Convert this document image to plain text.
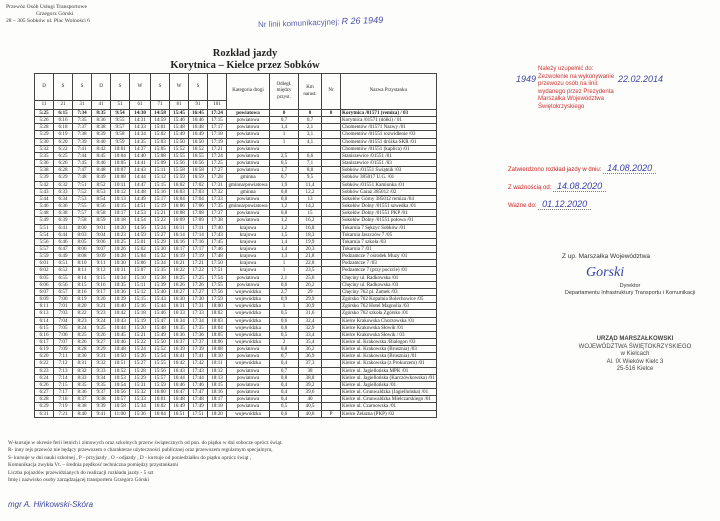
Przewóz Osób Usługi Transportowe
Grzegorz Górski
28 – 305 Sobków ul. Plac Wolności 6	Nr linii komunikacyjnej: R 26 1949
Rozkład jazdy
Korytnica – Kielce przez Sobków
D	S	S	D	S	W	S	W	S		Kategoria drogi	Odległ. między przyst.	Km narast.	Nr	Nazwa Przystanku
11	21	31	41	51	61	71	81	91	101					
5:25	6:15	7:34	8:35	9:54	14:30	14:58	15:45	16:45	17:24	powiatowa	0	0	0	Korytnica /01571 (remiza) / 03
5:26	6:16	7:35	8:36	9:55	14:31	14:59	15:46	16:46	17:15	powiatowa	0,7	0,7		Korytnica /01571 (dółki) / 01
5:28	6:18	7:37	8:38	9:57	14:33	15:01	15:48	16:48	17:17	powiatowa	1,4	2,1		Chomentów /01571 Nazwy /01
5:29	6:19	7:38	8:39	9:58	14:34	15:02	15:49	16:49	17:18	powiatowa	1	3,1		Chomentów /01551 rozwidlenie /03
5:30	6:20	7:39	8:40	9:59	14:35	15:03	15:50	16:50	17:19	powiatowa	1	4,1		Chomentów /01551 dróżka SKR /01
5:32	6:22	7:41	8:42	10:01	14:37	15:05	15:52	16:52	17:21	powiatowa				Chomentów /01551 (kaplica) /01
5:35	6:25	7:44	8:45	10:04	14:40	15:08	15:55	16:55	17:24	powiatowa	2,5	6,6		Staniszewice /01551 /01
5:36	6:26	7:45	8:46	10:05	14:41	15:09	15:56	16:56	17:25	powiatowa	0,5	7,1		Staniszewice /01551 /03
5:38	6:28	7:47	8:48	10:07	14:43	15:11	15:58	16:58	17:27	powiatowa	1,7	8,8		Sobków /01551 Świątnik /03
5:39	6:29	7:48	8:49	10:08	14:44	15:12	15:59	16:59	17:28	gminna	0,7	9,5		Sobków 385017 U.G. /01
5:42	6:32	7:51	8:52	10:11	14:47	15:15	16:02	17:02	17:31	gminna/powiatowa	1,9	11,4		Sobków /01551 Kamionka /01
5:43	6:33	7:52	8:53	10:12	14:48	15:16	16:03	17:03	17:32	gminna	0,8	12,2		Sobków Garaż 385012 /02
5:44	6:34	7:53	8:54	10:13	14:49	15:17	16:04	17:04	17:33	powiatowa	0,8	13		Sokołów Górny 385012 remiza /04
5:46	6:36	7:55	8:56	10:15	14:51	15:19	16:06	17:06	17:35	gminna/powiatowa	1,2	14,2		Sokołów Dolny /01551 szwedka /01
5:48	6:38	7:57	8:58	10:17	14:53	15:21	16:08	17:08	17:37	powiatowa	0,8	15		Sokołów Dolny /01551 PKP /01
5:49	6:39	7:58	8:59	10:18	14:54	15:22	16:09	17:09	17:38	powiatowa	1,2	16,2		Sokołów Dolny /01551 połowa /01
5:51	6:41	8:00	9:01	10:20	14:56	15:24	16:11	17:11	17:40	krajowa	1,2	16,8		Tokarnia 7 Sękzyc Sobków /01
5:54	6:44	8:03	9:04	10:23	14:59	15:27	16:14	17:14	17:43	krajowa	1,5	18,3		Tokarnia Jaszczów 7 /05
5:56	6:46	8:05	9:06	10:25	15:01	15:29	16:16	17:16	17:45	krajowa	1,4	19,9		Tokarnia 7 szkoła /03
5:57	6:47	8:06	9:07	10:26	15:02	15:30	16:17	17:17	17:46	krajowa	1,4	20,3		Tokarnia 7 /01
5:59	6:49	8:08	9:09	10:28	15:04	15:32	16:19	17:19	17:48	krajowa	1,3	21,8		Podzamcze 7 ośrodek Muzy /01
6:01	6:51	8:10	9:11	10:30	15:06	15:34	16:21	17:21	17:50	krajowa	1	22,8		Podzamcze 7 /03
6:02	6:52	8:11	9:12	10:31	15:07	15:35	16:22	17:22	17:51	krajowa	1	23,5		Podzamcze 7 (przy poczcie) /01
6:05	6:55	8:14	9:15	10:34	15:10	15:38	16:25	17:25	17:54	powiatowa	2,1	25,6		Chęciny ul. Radkowska /01
6:06	6:56	8:15	9:16	10:35	15:11	15:39	16:26	17:26	17:55	powiatowa	0,6	26,2		Chęciny ul. Radkowska /03
6:07	6:57	8:16	9:17	10:36	15:12	15:40	16:27	17:27	17:56	wojewódzka	2,7	29		Chęciny 762 pl. Zamek /03
6:09	7:00	8:19	9:20	10:39	15:15	15:43	16:30	17:30	17:59	wojewódzka	0,9	29,9		Zgórsko 762 Kopalnia Bolechowice /05
6:11	7:01	8:20	9:21	10:40	15:16	15:44	16:31	17:31	18:00	wojewódzka	1	30,9		Zgórsko 762 Hotel Magnolia /03
6:13	7:03	8:22	9:23	10:42	15:18	15:46	16:33	17:33	18:02	wojewódzka	0,5	31,6		Zgórsko 762 szkoła Zgórsko /01
6:14	7:04	8:23	9:24	10:43	15:19	15:47	16:34	17:34	18:03	wojewódzka	0,6	32,4		Kielce Krakowska Chorzowska /01
6:15	7:05	8:24	9:25	10:44	15:20	15:48	16:35	17:35	18:04	wojewódzka	0,8	32,9		Kielce Krakowska Słowik /01
6:16	7:06	8:25	9:26	10:45	15:21	15:49	16:36	17:36	18:05	wojewódzka	0,5	33,4		Kielce Krakowska Słowik / 03
6:17	7:07	8:26	9:27	10:46	15:22	15:50	16:37	17:37	18:06	wojewódzka	2	35,4		Kielce ul. Krakowska /Bialogon /03
6:19	7:09	8:28	9:29	10:48	15:24	15:52	16:39	17:39	18:08	powiatowa	0,8	36,2		Kielce ul. Krakowska (Brusznia) /03
6:20	7:11	8:30	9:31	10:50	15:26	15:54	16:41	17:41	18:10	powiatowa	0,7	36,9		Kielce ul. Krakowska (Brusznia) /01
6:22	7:12	8:31	9:32	10:51	15:27	15:55	16:42	17:42	18:11	wojewódzka	0,4	37,3		Kielce ul. Krakowska (z Prokurzem) /01
6:23	7:13	8:32	9:33	10:52	15:28	15:56	16:43	17:43	18:12	powiatowa	0,7	38		Kielce ul. Jagiellońska MPK /01
6:24	7:14	8:33	9:34	10:53	15:29	15:57	16:44	17:44	18:13	powiatowa	0,8	38,8		Kielce ul. Jagiellońska (Karczówkowska) /01
6:26	7:15	8:35	9:35	10:54	15:31	15:59	16:46	17:46	18:15	powiatowa	0,4	39,2		Kielce ul. Jagiellońska /01
6:27	7:17	8:36	9:37	10:56	15:32	16:00	16:47	17:47	18:16	powiatowa	0,4	39,6		Kielce ul. Grunwaldzka (Jagiellońska) /01
6:28	7:18	8:37	9:38	10:57	15:33	16:01	16:48	17:48	18:17	powiatowa	0,4	40		Kielce ul. Grunwaldzka Mielczarskiego /01
6:29	7:19	8:38	9:39	10:58	15:34	16:02	16:49	17:49	18:18	powiatowa	0,5	40,5		Kielce ul. Czarnowska /01
6:31	7:21	8:40	9:41	11:00	15:36	16:04	16:51	17:51	18:20	wojewódzka	0,6	40,6	P	Kielce Żelazna (PKP) /02
W-kursuje w okresie ferii letnich i zimowych oraz szkolnych przerw świątecznych od pon. do piątku w dni sobocze oprócz świąt.
R- inny rejs przewóz nie będący przewozem o charakterze użyteczności publicznej oraz przewozem regularnym specjalnym,
S- kursuje w dni nauki szkolnej , P - przyjazdy , O - odjazdy , D - kursuje od poniedziałku do piątku oprócz świąt ,
Komunikacja zwykła Vt. – średnia prędkość techniczna pomiędzy przystankami
Liczba pojazdów przewidzianych do realizacji rozkładu jazdy - 5 szt
Imię i nazwisko osoby zarządzającej transportem Grzegorz Górski
mgr A. Hińkowski-Skóra
1949	22.02.2014
Należy uzupełnić do:
Zezwolenie na wykonywanie
przewozu osób na linii:
wydanego przez Prezydenta
Marszałka Województwa
Świętokrzyskiego
Zatwierdzono rozkład jazdy w dniu: 14.08.2020
Z ważnością od: 14.08.2020
Ważne do: 01.12.2020
Z up. Marszałka Województwa
Gorski
Dyrektor
Departamentu Infrastruktury Transportu i Komunikacji
URZĄD MARSZAŁKOWSKI
WOJEWÓDZTWA ŚWIĘTOKRZYSKIEGO
w Kielcach
Al. IX Wieków Kielc 3
25-516 Kielce
